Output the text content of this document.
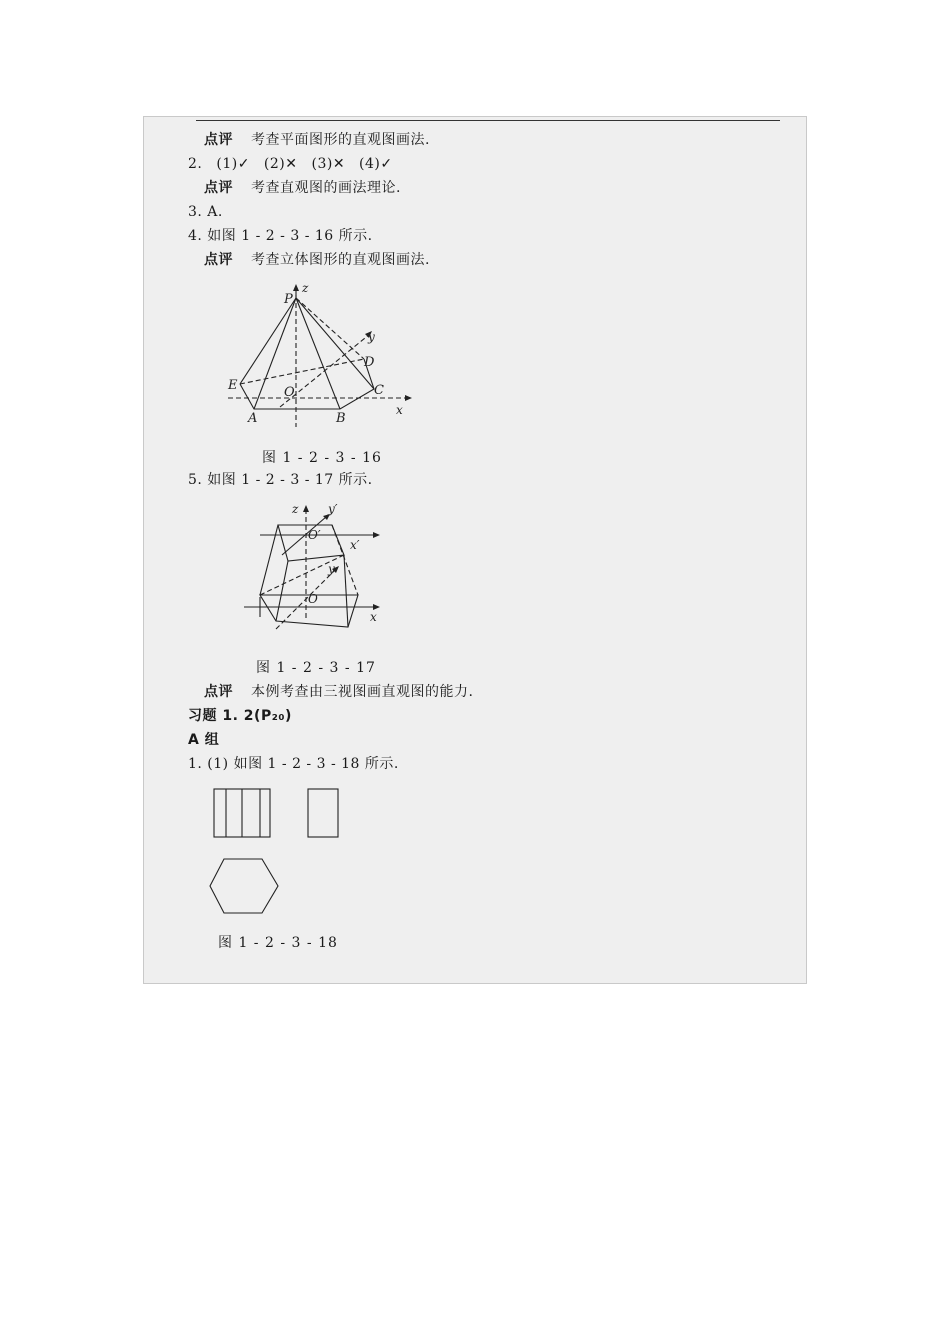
点评 考查平面图形的直观图画法.
2. (1)✓ (2)✕ (3)✕ (4)✓
点评 考查直观图的画法理论.
3. A.
4. 如图 1 - 2 - 3 - 16 所示.
点评 考查立体图形的直观图画法.
P
z
y
D
E	O	C
A	B
x
图 1 - 2 - 3 - 16
5. 如图 1 - 2 - 3 - 17 所示.
z y′
O′
x′
y
O
x
图 1 - 2 - 3 - 17
点评 本例考查由三视图画直观图的能力.
习题 1. 2(P₂₀)
A 组
1. (1) 如图 1 - 2 - 3 - 18 所示.
图 1 - 2 - 3 - 18
